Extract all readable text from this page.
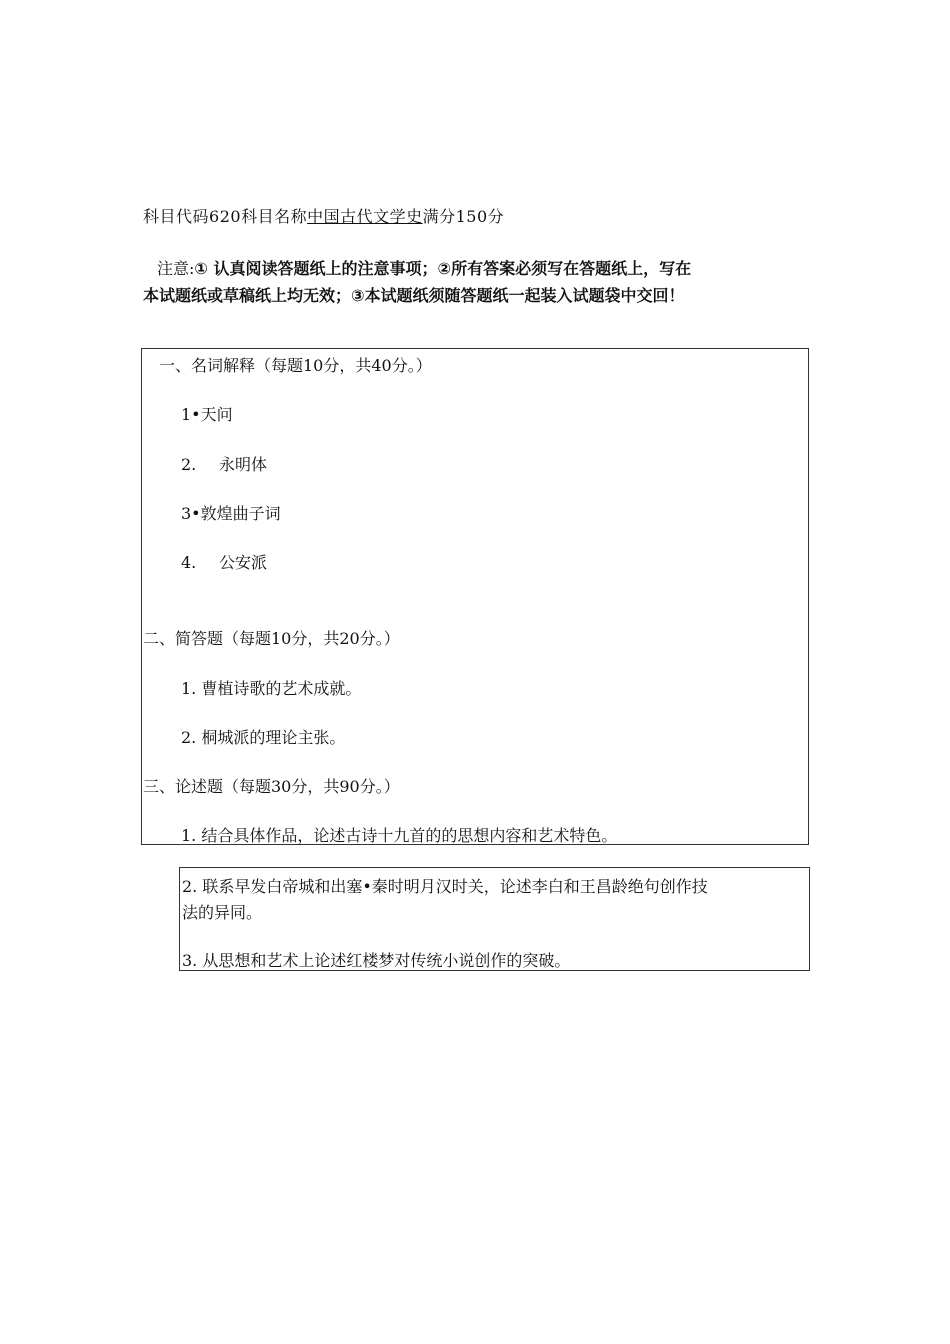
科目代码620科目名称中国古代文学史满分150分
注意:① 认真阅读答题纸上的注意事项；②所有答案必须写在答题纸上，写在
本试题纸或草稿纸上均无效；③本试题纸须随答题纸一起装入试题袋中交回！
一、名词解释（每题10分，共40分。）
1•天问
2. 永明体
3•敦煌曲子词
4. 公安派
二、简答题（每题10分，共20分。）
1. 曹植诗歌的艺术成就。
2. 桐城派的理论主张。
三、论述题（每题30分，共90分。）
1. 结合具体作品，论述古诗十九首的的思想内容和艺术特色。
2. 联系早发白帝城和出塞•秦时明月汉时关，论述李白和王昌龄绝句创作技
法的异同。
3. 从思想和艺术上论述红楼梦对传统小说创作的突破。
